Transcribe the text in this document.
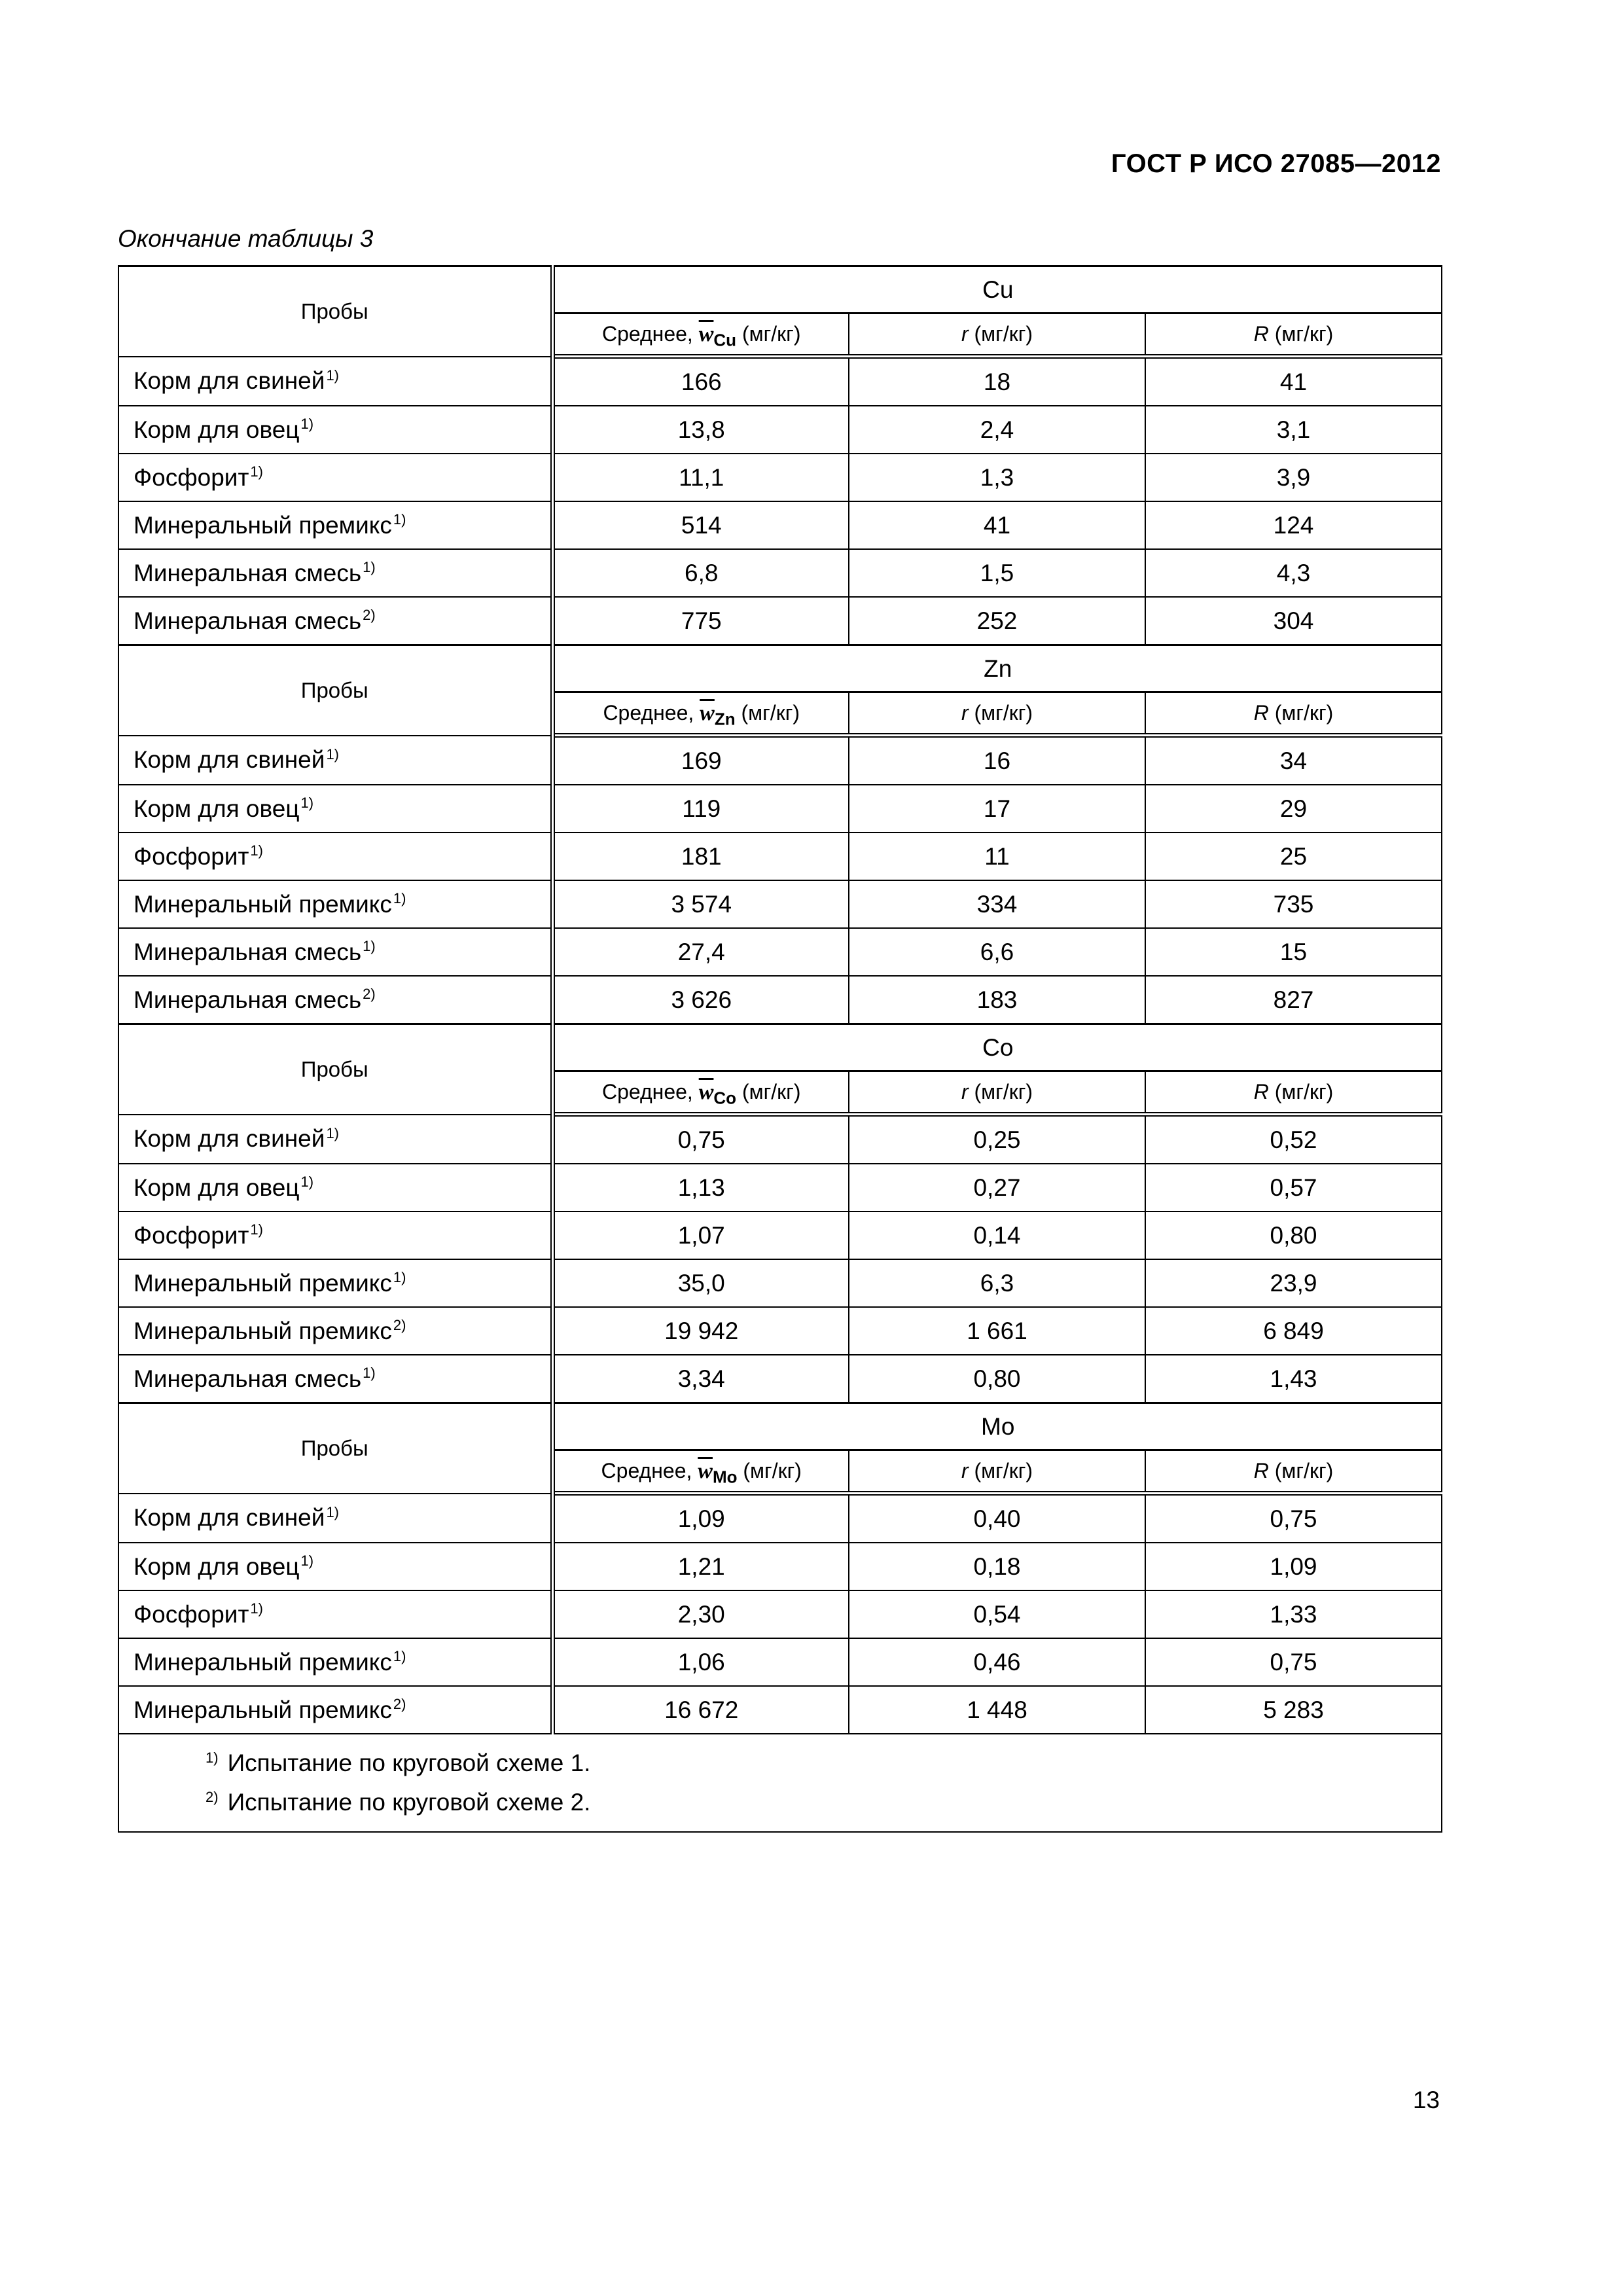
ГОСТ Р ИСО 27085—2012
Окончание таблицы 3
Пробы	Cu		
	Среднее, $\overline{w}_{Cu}$ (мг/кг)	r (мг/кг)	R (мг/кг)
Корм для свиней$^{1)}$	166	18	41
Корм для овец$^{1)}$	13,8	2,4	3,1
Фосфорит$^{1)}$	11,1	1,3	3,9
Минеральный премикс$^{1)}$	514	41	124
Минеральная смесь$^{1)}$	6,8	1,5	4,3
Минеральная смесь$^{2)}$	775	252	304
Пробы	Zn		
	Среднее, $\overline{w}_{Zn}$ (мг/кг)	r (мг/кг)	R (мг/кг)
Корм для свиней$^{1)}$	169	16	34
Корм для овец$^{1)}$	119	17	29
Фосфорит$^{1)}$	181	11	25
Минеральный премикс$^{1)}$	3 574	334	735
Минеральная смесь$^{1)}$	27,4	6,6	15
Минеральная смесь$^{2)}$	3 626	183	827
Пробы	Co		
	Среднее, $\overline{w}_{Co}$ (мг/кг)	r (мг/кг)	R (мг/кг)
Корм для свиней$^{1)}$	0,75	0,25	0,52
Корм для овец$^{1)}$	1,13	0,27	0,57
Фосфорит$^{1)}$	1,07	0,14	0,80
Минеральный премикс$^{1)}$	35,0	6,3	23,9
Минеральный премикс$^{2)}$	19 942	1 661	6 849
Минеральная смесь$^{1)}$	3,34	0,80	1,43
Пробы	Mo		
	Среднее, $\overline{w}_{Mo}$ (мг/кг)	r (мг/кг)	R (мг/кг)
Корм для свиней$^{1)}$	1,09	0,40	0,75
Корм для овец$^{1)}$	1,21	0,18	1,09
Фосфорит$^{1)}$	2,30	0,54	1,33
Минеральный премикс$^{1)}$	1,06	0,46	0,75
Минеральный премикс$^{2)}$	16 672	1 448	5 283

$^{1)}$ Испытание по круговой схеме 1.
$^{2)}$ Испытание по круговой схеме 2.			
13
